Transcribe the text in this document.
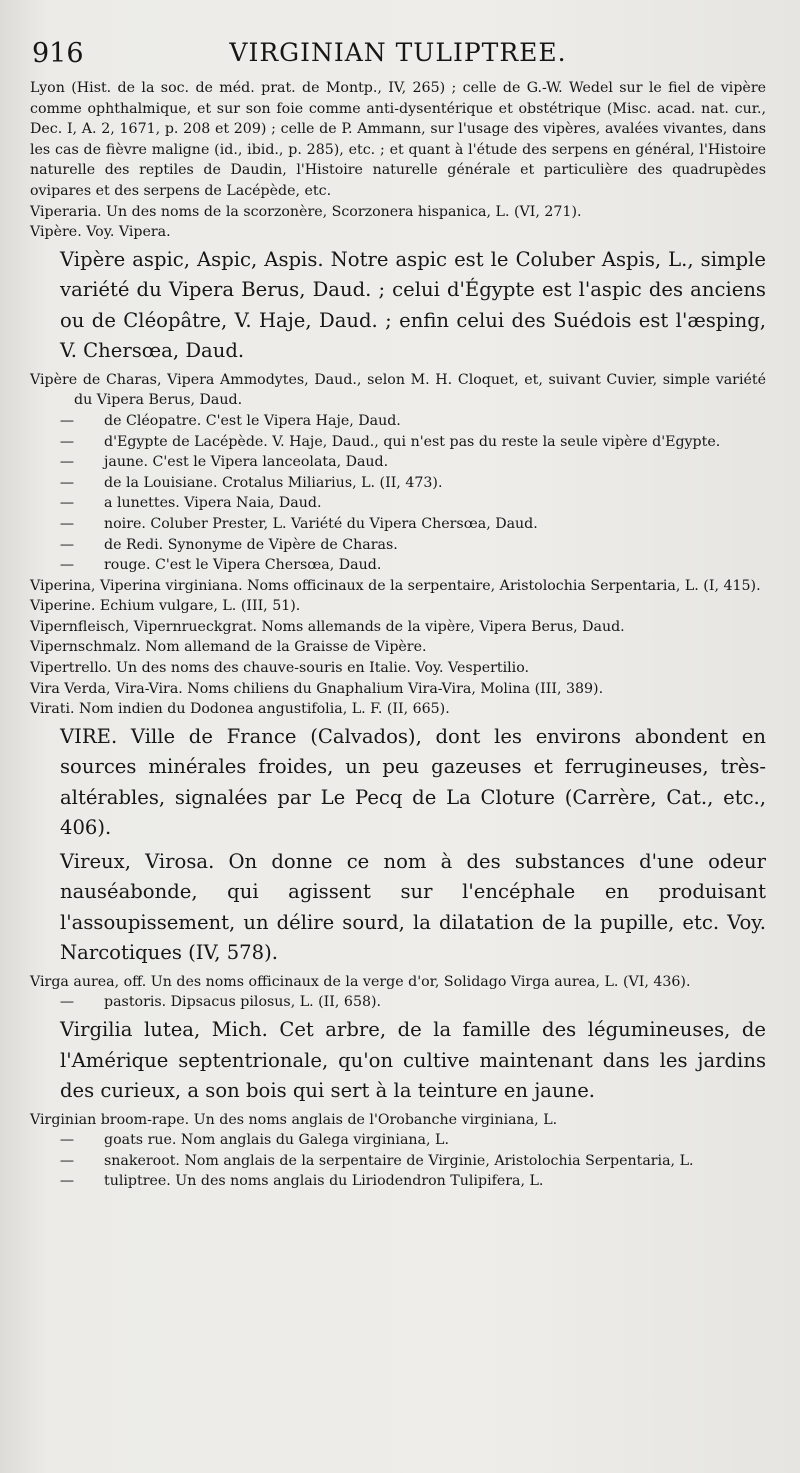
916	VIRGINIAN TULIPTREE.

Lyon (Hist. de la soc. de méd. prat. de Montp., IV, 265) ; celle de G.-W. Wedel sur le fiel de vipère comme ophthalmique, et sur son foie comme anti-dysentérique et obstétrique (Misc. acad. nat. cur., Dec. I, A. 2, 1671, p. 208 et 209) ; celle de P. Ammann, sur l'usage des vipères, avalées vivantes, dans les cas de fièvre maligne (id., ibid., p. 285), etc. ; et quant à l'étude des serpens en général, l'Histoire naturelle des reptiles de Daudin, l'Histoire naturelle générale et particulière des quadrupèdes ovipares et des serpens de Lacépède, etc.

Viperaria. Un des noms de la scorzonère, Scorzonera hispanica, L. (VI, 271).

Vipère. Voy. Vipera.

Vipère aspic, Aspic, Aspis. Notre aspic est le Coluber Aspis, L., simple variété du Vipera Berus, Daud. ; celui d'Égypte est l'aspic des anciens ou de Cléopâtre, V. Haje, Daud. ; enfin celui des Suédois est l'æsping, V. Chersœa, Daud.

Vipère de Charas, Vipera Ammodytes, Daud., selon M. H. Cloquet, et, suivant Cuvier, simple variété du Vipera Berus, Daud.

—	de Cléopatre. C'est le Vipera Haje, Daud.
—	d'Egypte de Lacépède. V. Haje, Daud., qui n'est pas du reste la seule vipère d'Egypte.
—	jaune. C'est le Vipera lanceolata, Daud.
—	de la Louisiane. Crotalus Miliarius, L. (II, 473).
—	a lunettes. Vipera Naia, Daud.
—	noire. Coluber Prester, L. Variété du Vipera Chersœa, Daud.
—	de Redi. Synonyme de Vipère de Charas.
—	rouge. C'est le Vipera Chersœa, Daud.

Viperina, Viperina virginiana. Noms officinaux de la serpentaire, Aristolochia Serpentaria, L. (I, 415).

Viperine. Echium vulgare, L. (III, 51).

Vipernfleisch, Vipernrueckgrat. Noms allemands de la vipère, Vipera Berus, Daud.

Vipernschmalz. Nom allemand de la Graisse de Vipère.

Vipertrello. Un des noms des chauve-souris en Italie. Voy. Vespertilio.

Vira Verda, Vira-Vira. Noms chiliens du Gnaphalium Vira-Vira, Molina (III, 389).

Virati. Nom indien du Dodonea angustifolia, L. F. (II, 665).

VIRE. Ville de France (Calvados), dont les environs abondent en sources minérales froides, un peu gazeuses et ferrugineuses, très-altérables, signalées par Le Pecq de La Cloture (Carrère, Cat., etc., 406).

Vireux, Virosa. On donne ce nom à des substances d'une odeur nauséabonde, qui agissent sur l'encéphale en produisant l'assoupissement, un délire sourd, la dilatation de la pupille, etc. Voy. Narcotiques (IV, 578).

Virga aurea, off. Un des noms officinaux de la verge d'or, Solidago Virga aurea, L. (VI, 436).

—	pastoris. Dipsacus pilosus, L. (II, 658).

Virgilia lutea, Mich. Cet arbre, de la famille des légumineuses, de l'Amérique septentrionale, qu'on cultive maintenant dans les jardins des curieux, a son bois qui sert à la teinture en jaune.

Virginian broom-rape. Un des noms anglais de l'Orobanche virginiana, L.

—	goats rue. Nom anglais du Galega virginiana, L.
—	snakeroot. Nom anglais de la serpentaire de Virginie, Aristolochia Serpentaria, L.
—	tuliptree. Un des noms anglais du Liriodendron Tulipifera, L.
